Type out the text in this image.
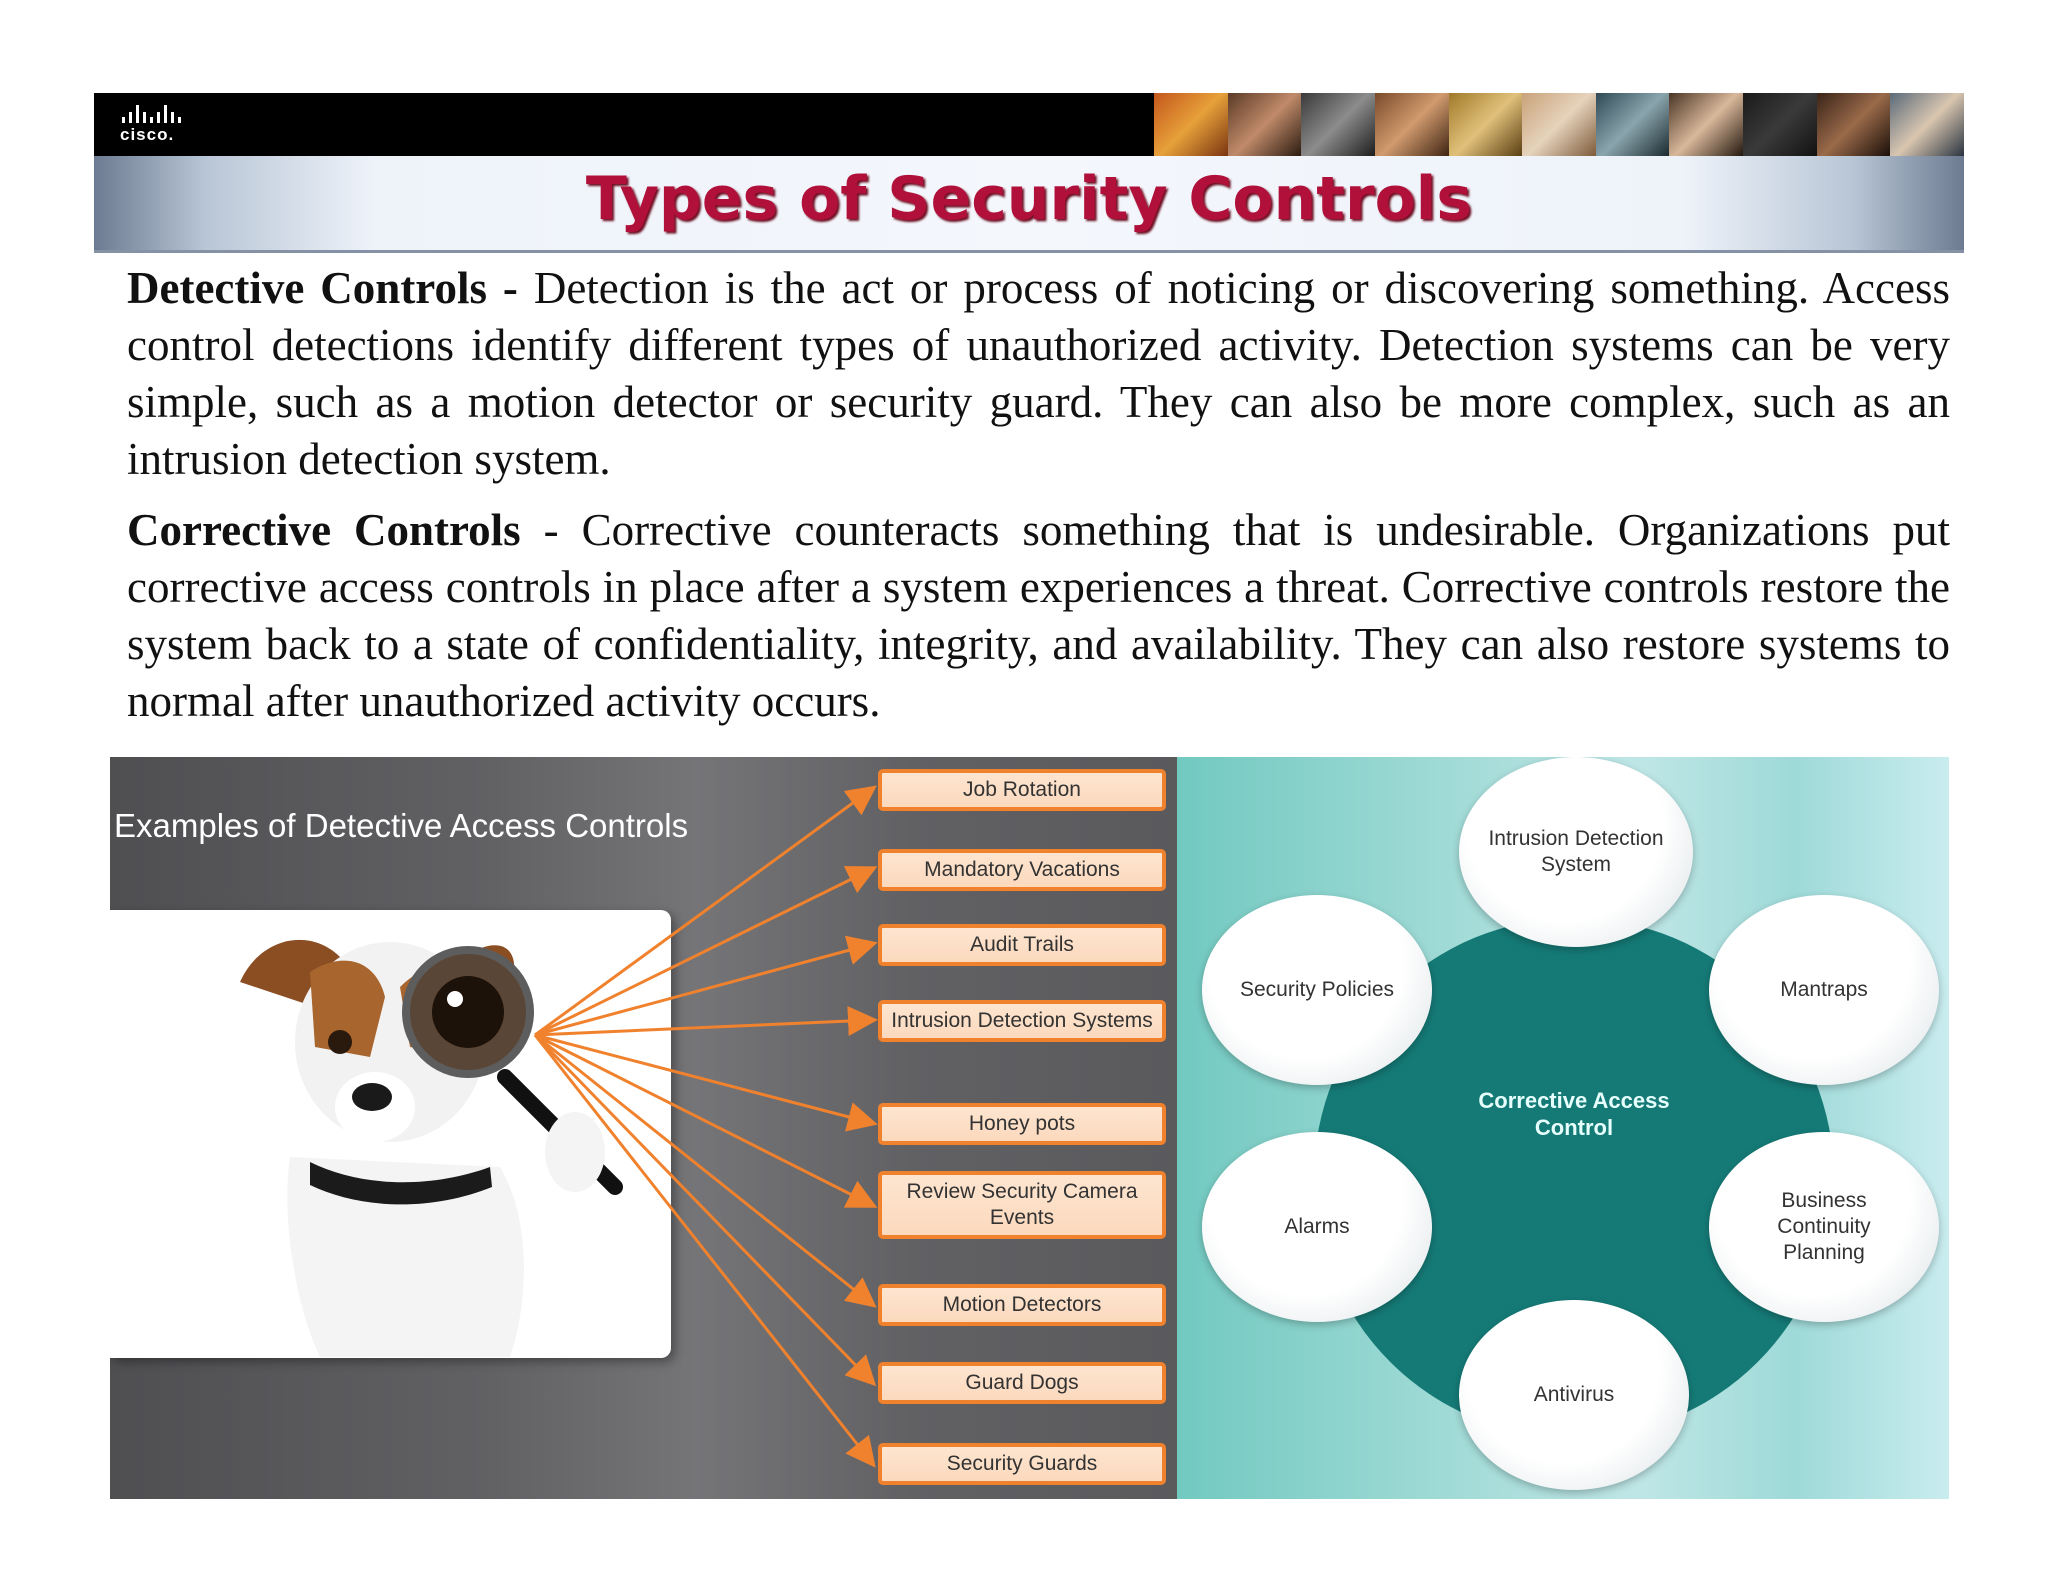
cisco.
Types of Security Controls
Detective Controls - Detection is the act or process of noticing or discovering something. Access control detections identify different types of unauthorized activity. Detection systems can be very simple, such as a motion detector or security guard. They can also be more complex, such as an intrusion detection system.
Corrective Controls - Corrective counteracts something that is undesirable. Organizations put corrective access controls in place after a system experiences a threat. Corrective controls restore the system back to a state of confidentiality, integrity, and availability. They can also restore systems to normal after unauthorized activity occurs.
Examples of Detective Access Controls
Job Rotation
Mandatory Vacations
Audit Trails
Intrusion Detection Systems
Honey pots
Review Security Camera Events
Motion Detectors
Guard Dogs
Security Guards
Corrective Access Control
Intrusion Detection System
Mantraps
Business Continuity Planning
Antivirus
Alarms
Security Policies
